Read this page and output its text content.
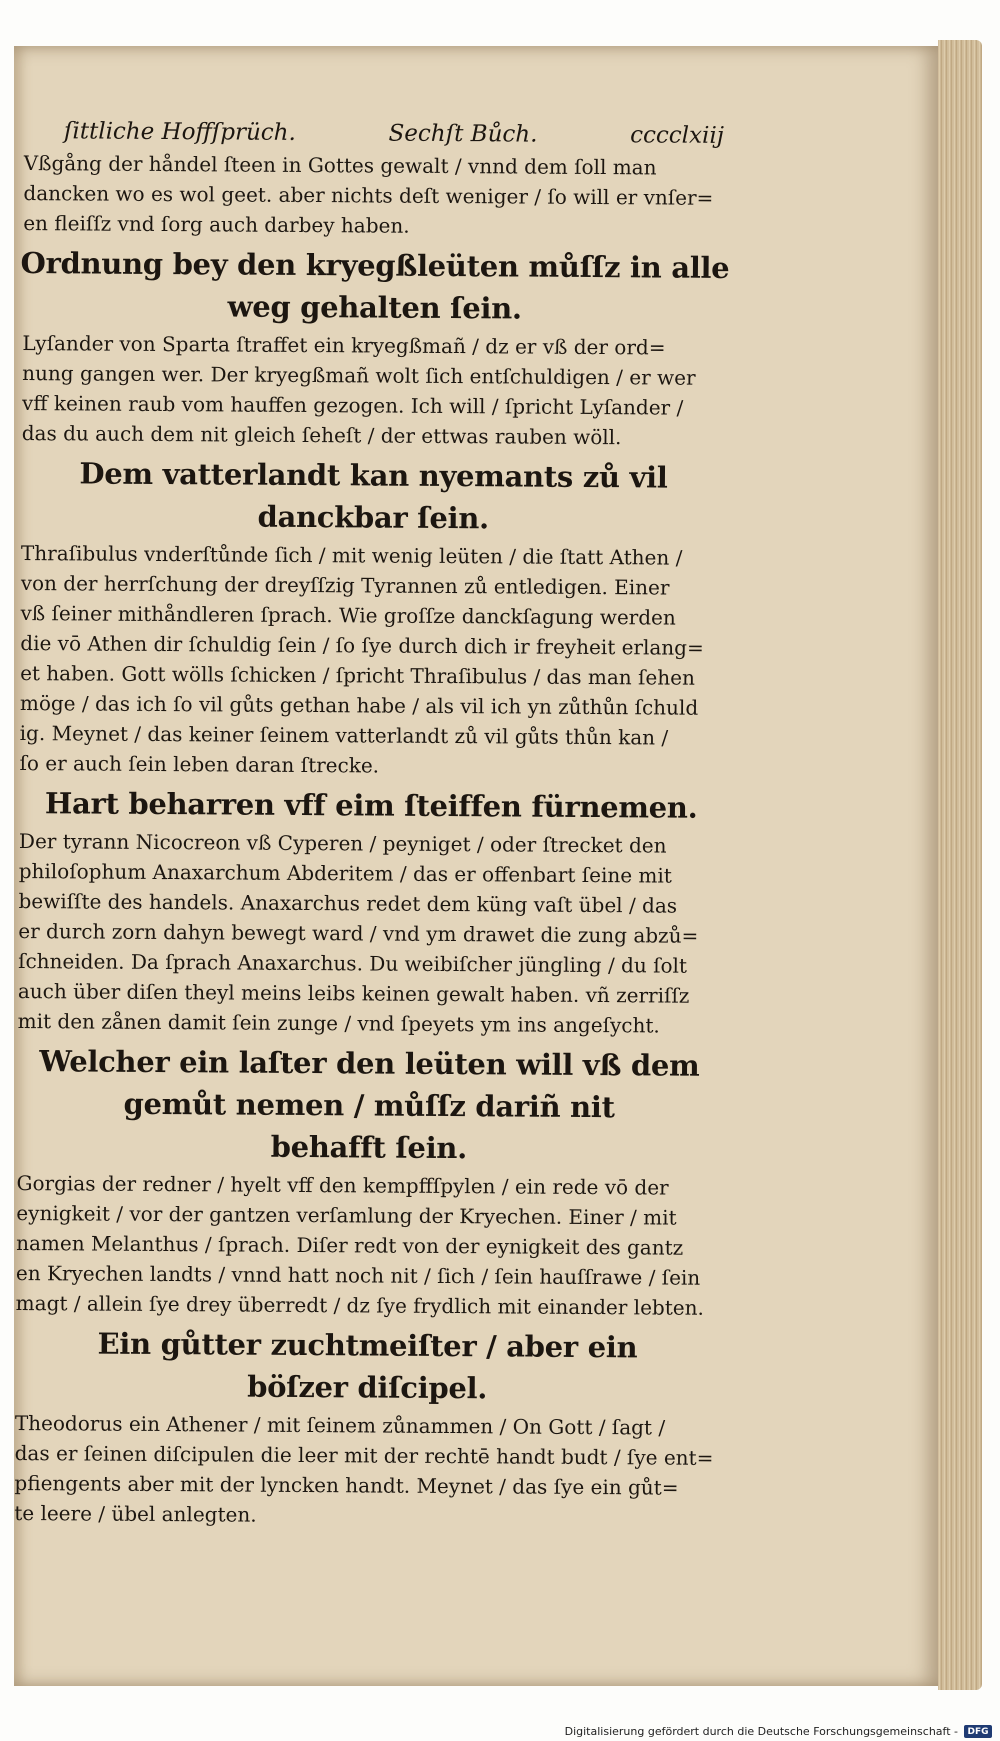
ſittliche Hoffſprüch.	Sechſt Bůch.	cccclxiij
Vßgång der håndel ſteen in Gottes gewalt / vnnd dem ſoll man
dancken wo es wol geet. aber nichts deſt weniger / ſo will er vnſer=
en fleiſſz vnd ſorg auch darbey haben.
Ordnung bey den kryegßleüten můſſz in alle
weg gehalten ſein.
Lyſander von Sparta ſtraffet ein kryegßmañ / dz er vß der ord=
nung gangen wer. Der kryegßmañ wolt ſich entſchuldigen / er wer
vff keinen raub vom hauffen gezogen. Ich will / ſpricht Lyſander /
das du auch dem nit gleich ſeheſt / der ettwas rauben wöll.
Dem vatterlandt kan nyemants zů vil
danckbar ſein.
Thraſibulus vnderſtůnde ſich / mit wenig leüten / die ſtatt Athen /
von der herrſchung der dreyſſzig Tyrannen zů entledigen. Einer
vß ſeiner mithåndleren ſprach. Wie groſſze danckſagung werden
die vō Athen dir ſchuldig ſein / ſo ſye durch dich ir freyheit erlang=
et haben. Gott wölls ſchicken / ſpricht Thraſibulus / das man ſehen
möge / das ich ſo vil gůts gethan habe / als vil ich yn zůthůn ſchuld
ig. Meynet / das keiner ſeinem vatterlandt zů vil gůts thůn kan /
ſo er auch ſein leben daran ſtrecke.
Hart beharren vff eim ſteiffen fürnemen.
Der tyrann Nicocreon vß Cyperen / peyniget / oder ſtrecket den
philoſophum Anaxarchum Abderitem / das er offenbart ſeine mit
bewiſſte des handels. Anaxarchus redet dem küng vaſt übel / das
er durch zorn dahyn bewegt ward / vnd ym drawet die zung abzů=
ſchneiden. Da ſprach Anaxarchus. Du weibiſcher jüngling / du ſolt
auch über diſen theyl meins leibs keinen gewalt haben. vñ zerriſſz
mit den zånen damit ſein zunge / vnd ſpeyets ym ins angeſycht.
Welcher ein laſter den leüten will vß dem
gemůt nemen / můſſz dariñ nit
behafft ſein.
Gorgias der redner / hyelt vff den kempffſpylen / ein rede vō der
eynigkeit / vor der gantzen verſamlung der Kryechen. Einer / mit
namen Melanthus / ſprach. Diſer redt von der eynigkeit des gantz
en Kryechen landts / vnnd hatt noch nit / ſich / ſein hauſſrawe / ſein
magt / allein ſye drey überredt / dz ſye frydlich mit einander lebten.
Ein gůtter zuchtmeiſter / aber ein
böſzer diſcipel.
Theodorus ein Athener / mit ſeinem zůnammen / On Gott / ſagt /
das er ſeinen diſcipulen die leer mit der rechtē handt budt / ſye ent=
pfiengents aber mit der lyncken handt. Meynet / das ſye ein gůt=
te leere / übel anlegten.
Digitalisierung gefördert durch die Deutsche Forschungsgemeinschaft -	DFG
